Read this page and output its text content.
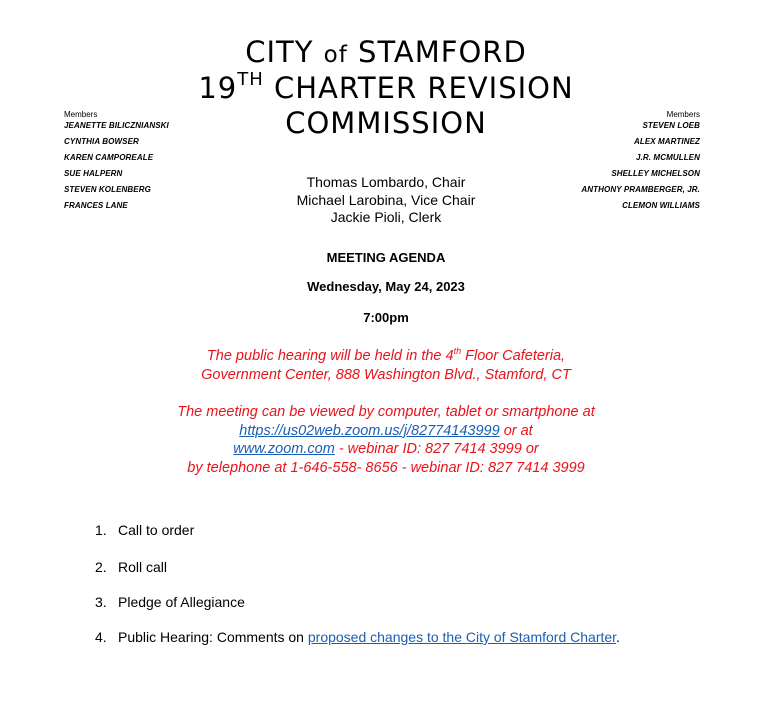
CITY of STAMFORD
19TH CHARTER REVISION
COMMISSION
Members
JEANETTE BILICZNIANSKI
CYNTHIA BOWSER
KAREN CAMPOREALE
SUE HALPERN
STEVEN KOLENBERG
FRANCES LANE
Members
STEVEN LOEB
ALEX MARTINEZ
J.R. MCMULLEN
SHELLEY MICHELSON
ANTHONY PRAMBERGER, JR.
CLEMON WILLIAMS
Thomas Lombardo, Chair
Michael Larobina, Vice Chair
Jackie Pioli, Clerk
MEETING AGENDA
Wednesday, May 24, 2023
7:00pm
The public hearing will be held in the 4th Floor Cafeteria,
Government Center, 888 Washington Blvd., Stamford, CT
The meeting can be viewed by computer, tablet or smartphone at
https://us02web.zoom.us/j/82774143999 or at
www.zoom.com - webinar ID: 827 7414 3999 or
by telephone at 1-646-558- 8656 - webinar ID: 827 7414 3999
1. Call to order
2. Roll call
3. Pledge of Allegiance
4. Public Hearing: Comments on proposed changes to the City of Stamford Charter.
